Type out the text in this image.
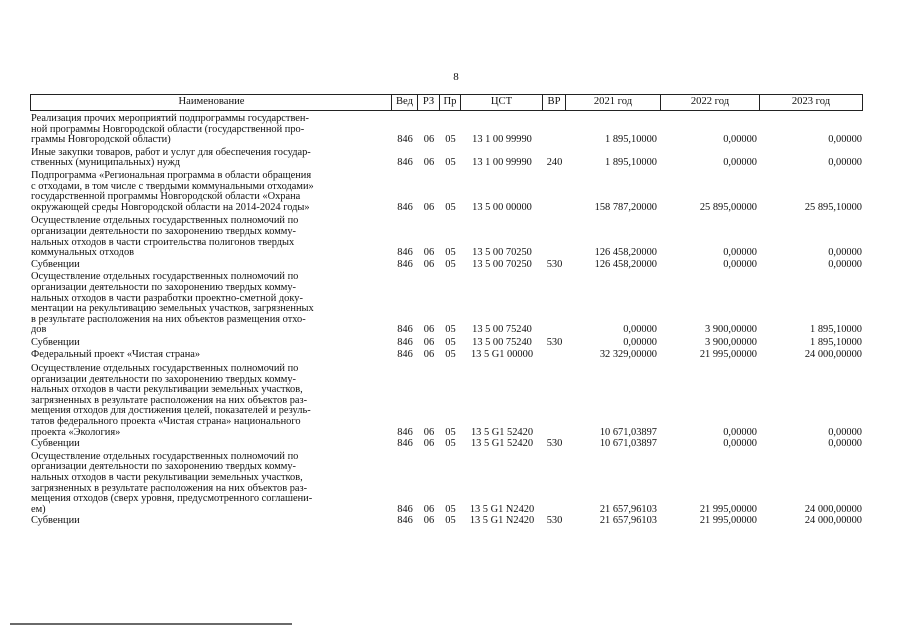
8
Наименование	Вед РЗ Пр	ЦСТ	ВР	2021 год	2022 год	2023 год
Реализация прочих мероприятий подпрограммы государствен-
ной программы Новгородской области (государственной про-
граммы Новгородской области)	846	06	05	13 1 00 99990	1 895,10000	0,00000	0,00000
Иные закупки товаров, работ и услуг для обеспечения государ-
ственных (муниципальных) нужд	846	06	05	13 1 00 99990	240	1 895,10000	0,00000	0,00000
Подпрограмма «Региональная программа в области обращения
с отходами, в том числе с твердыми коммунальными отходами»
государственной программы Новгородской области «Охрана
окружающей среды Новгородской области на 2014-2024 годы»	846	06	05	13 5 00 00000	158 787,20000	25 895,00000	25 895,10000
Осуществление отдельных государственных полномочий по
организации деятельности по захоронению твердых комму-
нальных отходов в части строительства полигонов твердых
коммунальных отходов	846	06	05	13 5 00 70250	126 458,20000	0,00000	0,00000
Субвенции	846	06	05	13 5 00 70250	530	126 458,20000	0,00000	0,00000
Осуществление отдельных государственных полномочий по
организации деятельности по захоронению твердых комму-
нальных отходов в части разработки проектно-сметной доку-
ментации на рекультивацию земельных участков, загрязненных
в результате расположения на них объектов размещения отхо-
дов	846	06	05	13 5 00 75240	0,00000	3 900,00000	1 895,10000
Субвенции	846	06	05	13 5 00 75240	530	0,00000	3 900,00000	1 895,10000
Федеральный проект «Чистая страна»	846	06	05	13 5 G1 00000	32 329,00000	21 995,00000	24 000,00000
Осуществление отдельных государственных полномочий по
организации деятельности по захоронению твердых комму-
нальных отходов в части рекультивации земельных участков,
загрязненных в результате расположения на них объектов раз-
мещения отходов для достижения целей, показателей и резуль-
татов федерального проекта «Чистая страна» национального
проекта «Экология»	846	06	05	13 5 G1 52420	10 671,03897	0,00000	0,00000
Субвенции	846	06	05	13 5 G1 52420	530	10 671,03897	0,00000	0,00000
Осуществление отдельных государственных полномочий по
организации деятельности по захоронению твердых комму-
нальных отходов в части рекультивации земельных участков,
загрязненных в результате расположения на них объектов раз-
мещения отходов (сверх уровня, предусмотренного соглашени-
ем)	846	06	05	13 5 G1 N2420	21 657,96103	21 995,00000	24 000,00000
Субвенции	846	06	05	13 5 G1 N2420	530	21 657,96103	21 995,00000	24 000,00000
